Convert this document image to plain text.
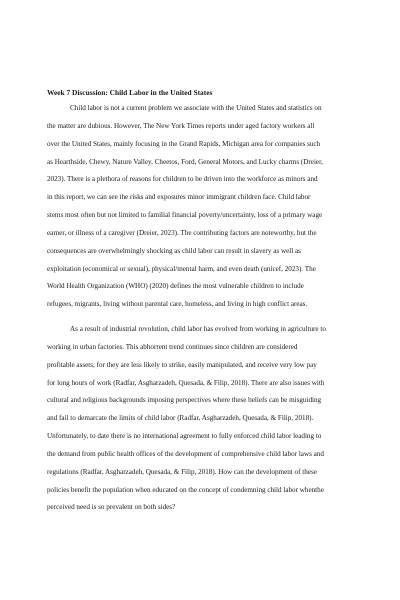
Week 7 Discussion: Child Labor in the United States
Child labor is not a current problem we associate with the United States and statistics on
the matter are dubious. However, The New York Times reports under aged factory workers all
over the United States, mainly focusing in the Grand Rapids, Michigan area for companies such
as Hearthside, Chewy, Nature Valley, Cheetos, Ford, General Motors, and Lucky charms (Dreier,
2023). There is a plethora of reasons for children to be driven into the workforce as minors and
in this report, we can see the risks and exposures minor immigrant children face. Child labor
stems most often but not limited to familial financial poverty/uncertainty, loss of a primary wage
earner, or illness of a caregiver (Dreier, 2023). The contributing factors are noteworthy, but the
consequences are overwhelmingly shocking as child labor can result in slavery as well as
exploitation (economical or sexual), physical/mental harm, and even death (unicef, 2023). The
World Health Organization (WHO) (2020) defines the most vulnerable children to include
refugees, migrants, living without parental care, homeless, and living in high conflict areas.
As a result of industrial revolution, child labor has evolved from working in agriculture to
working in urban factories. This abhorrent trend continues since children are considered
profitable assets, for they are less likely to strike, easily manipulated, and receive very low pay
for long hours of work (Radfar, Asgharzadeh, Quesada, & Filip, 2018). There are also issues with
cultural and religious backgrounds imposing perspectives where these beliefs can be misguiding
and fail to demarcate the limits of child labor (Radfar, Asgharzadeh, Quesada, & Filip, 2018).
Unfortunately, to date there is no international agreement to fully enforced child labor leading to
the demand from public health offices of the development of comprehensive child labor laws and
regulations (Radfar, Asgharzadeh, Quesada, & Filip, 2018). How can the development of these
policies benefit the population when educated on the concept of condemning child labor whenthe
perceived need is so prevalent on both sides?
